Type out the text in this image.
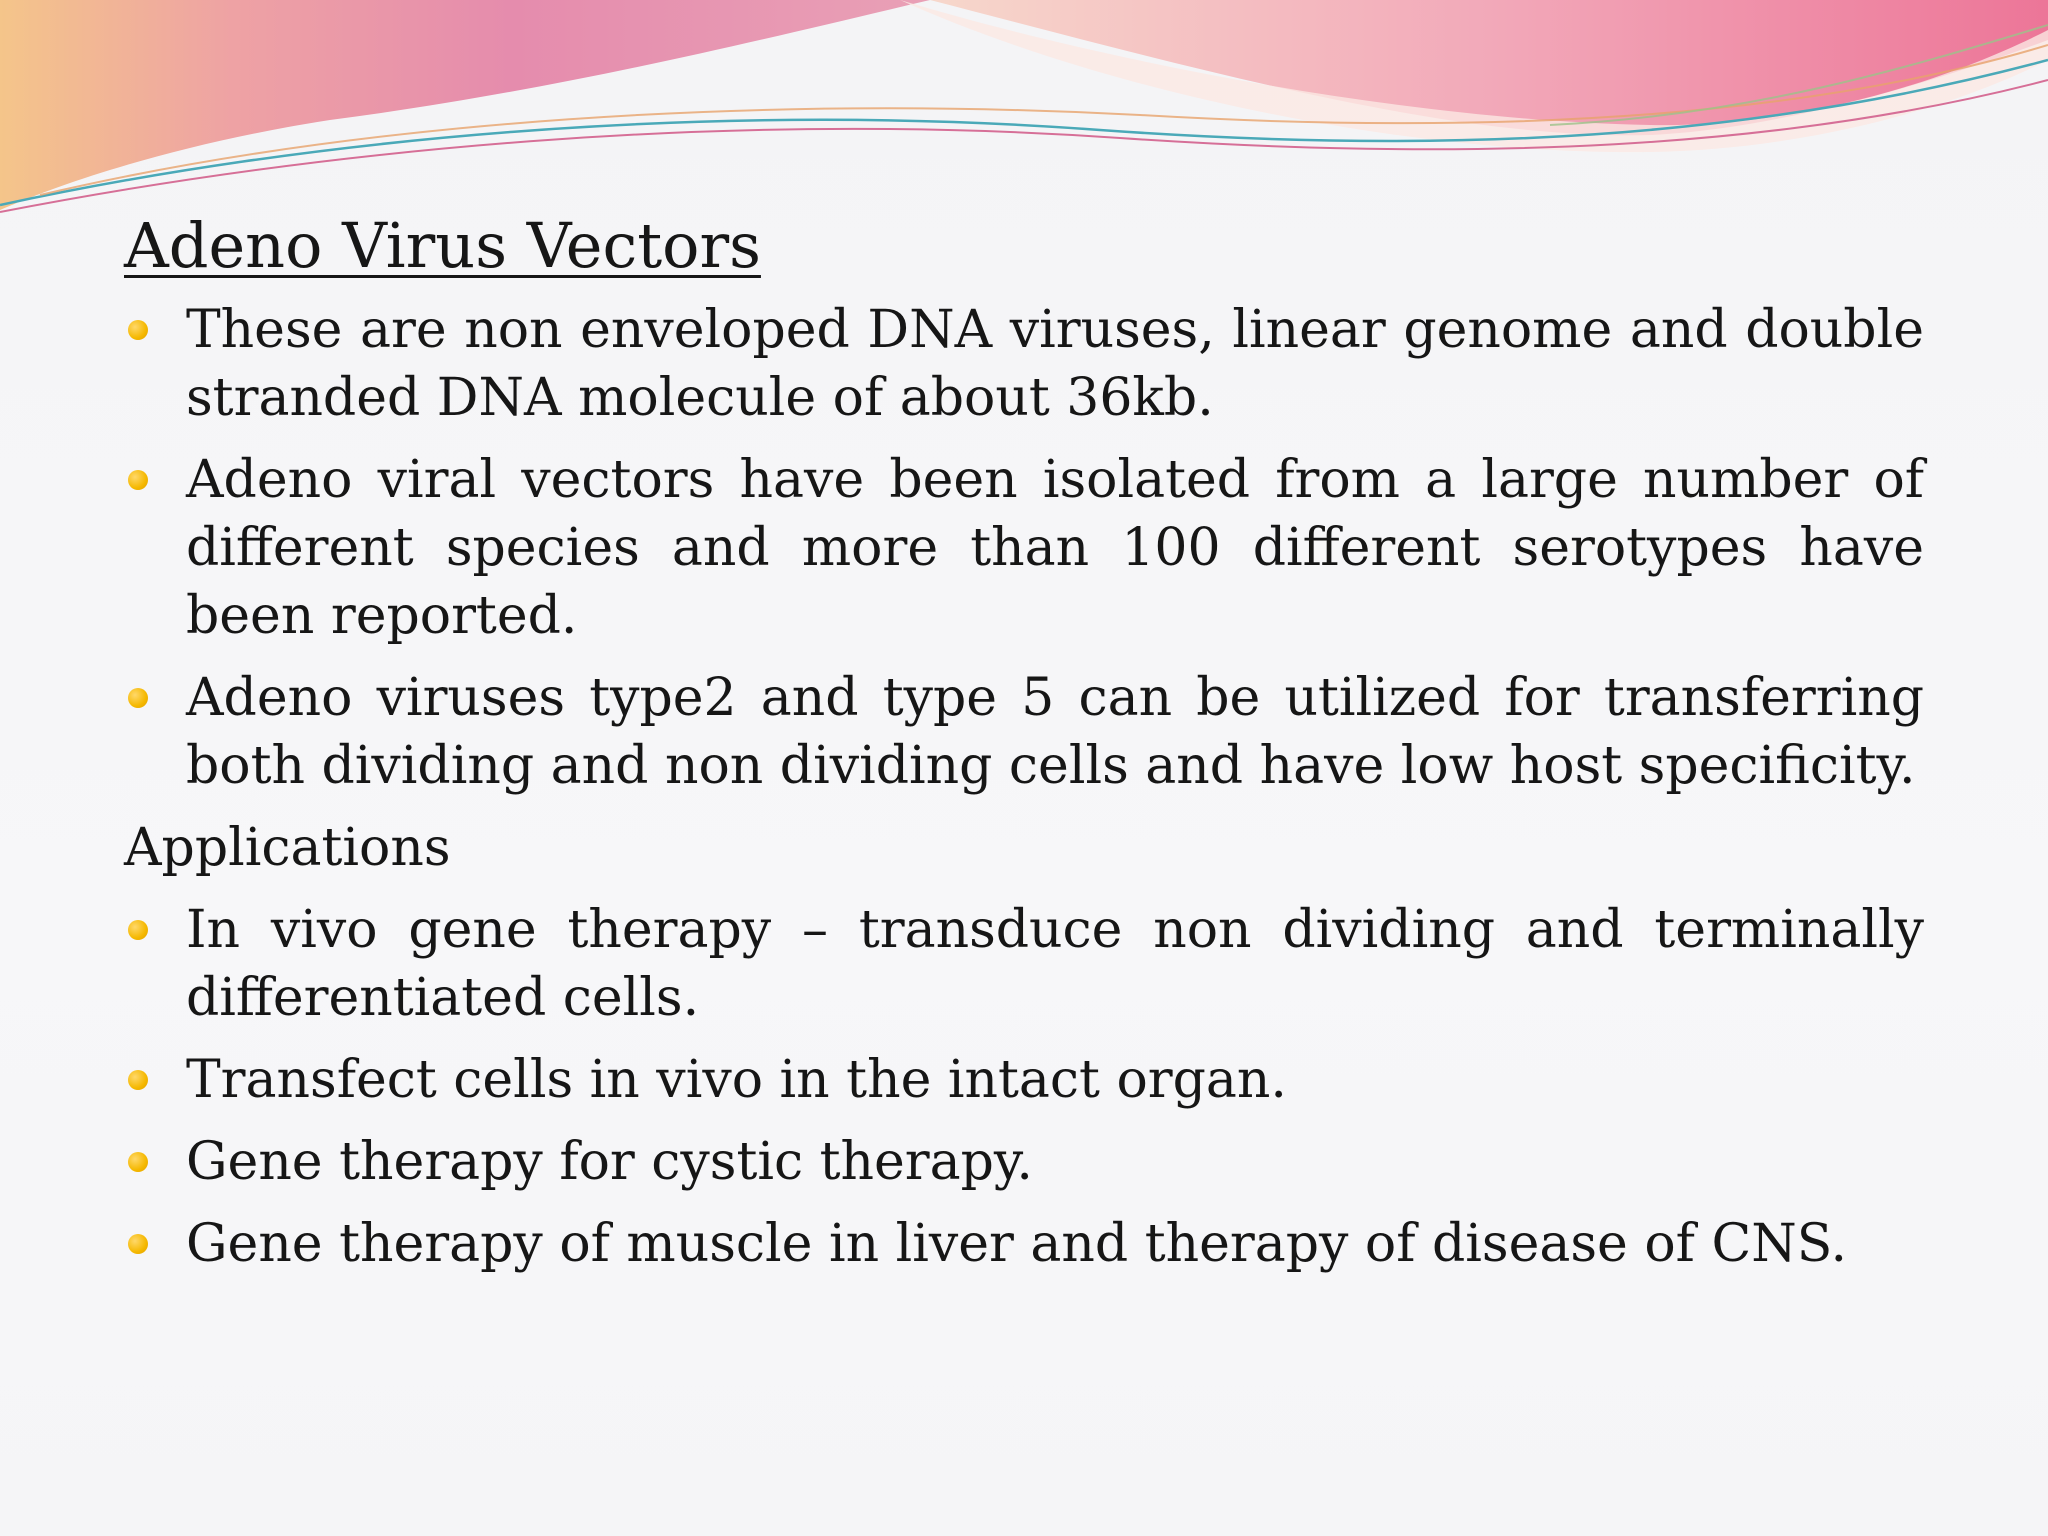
Adeno Virus Vectors
These are non enveloped DNA viruses, linear genome and double stranded DNA molecule of about 36kb.
Adeno viral vectors have been isolated from a large number of different species and more than 100 different serotypes have been reported.
Adeno viruses type2 and type 5 can be utilized for transferring both dividing and non dividing cells and have low host specificity.
Applications
In vivo gene therapy – transduce non dividing and terminally differentiated cells.
Transfect cells in vivo in the intact organ.
Gene therapy for cystic therapy.
Gene therapy of muscle in liver and therapy of disease of CNS.
